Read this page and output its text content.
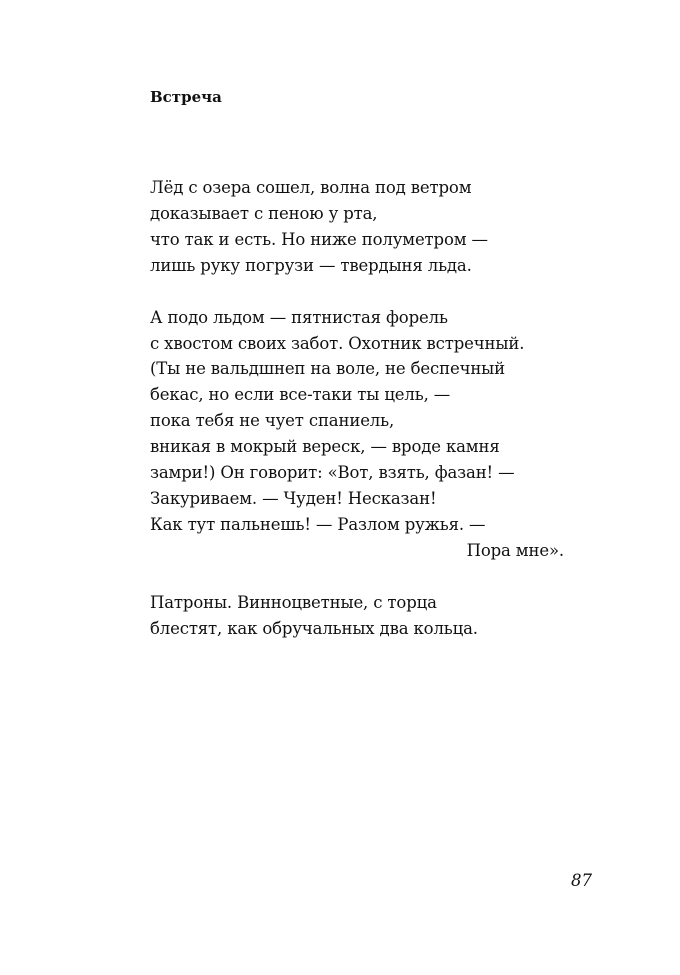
Встреча
Лёд с озера сошел, волна под ветром
доказывает с пеною у рта,
что так и есть. Но ниже полуметром —
лишь руку погрузи — твердыня льда.
А подо льдом — пятнистая форель
с хвостом своих забот. Охотник встречный.
(Ты не вальдшнеп на воле, не беспечный
бекас, но если все-таки ты цель, —
пока тебя не чует спаниель,
вникая в мокрый вереск, — вроде камня
замри!) Он говорит: «Вот, взять, фазан! —
Закуриваем. — Чуден! Несказан!
Как тут пальнешь! — Разлом ружья. —
Пора мне».
Патроны. Винноцветные, с торца
блестят, как обручальных два кольца.
87
